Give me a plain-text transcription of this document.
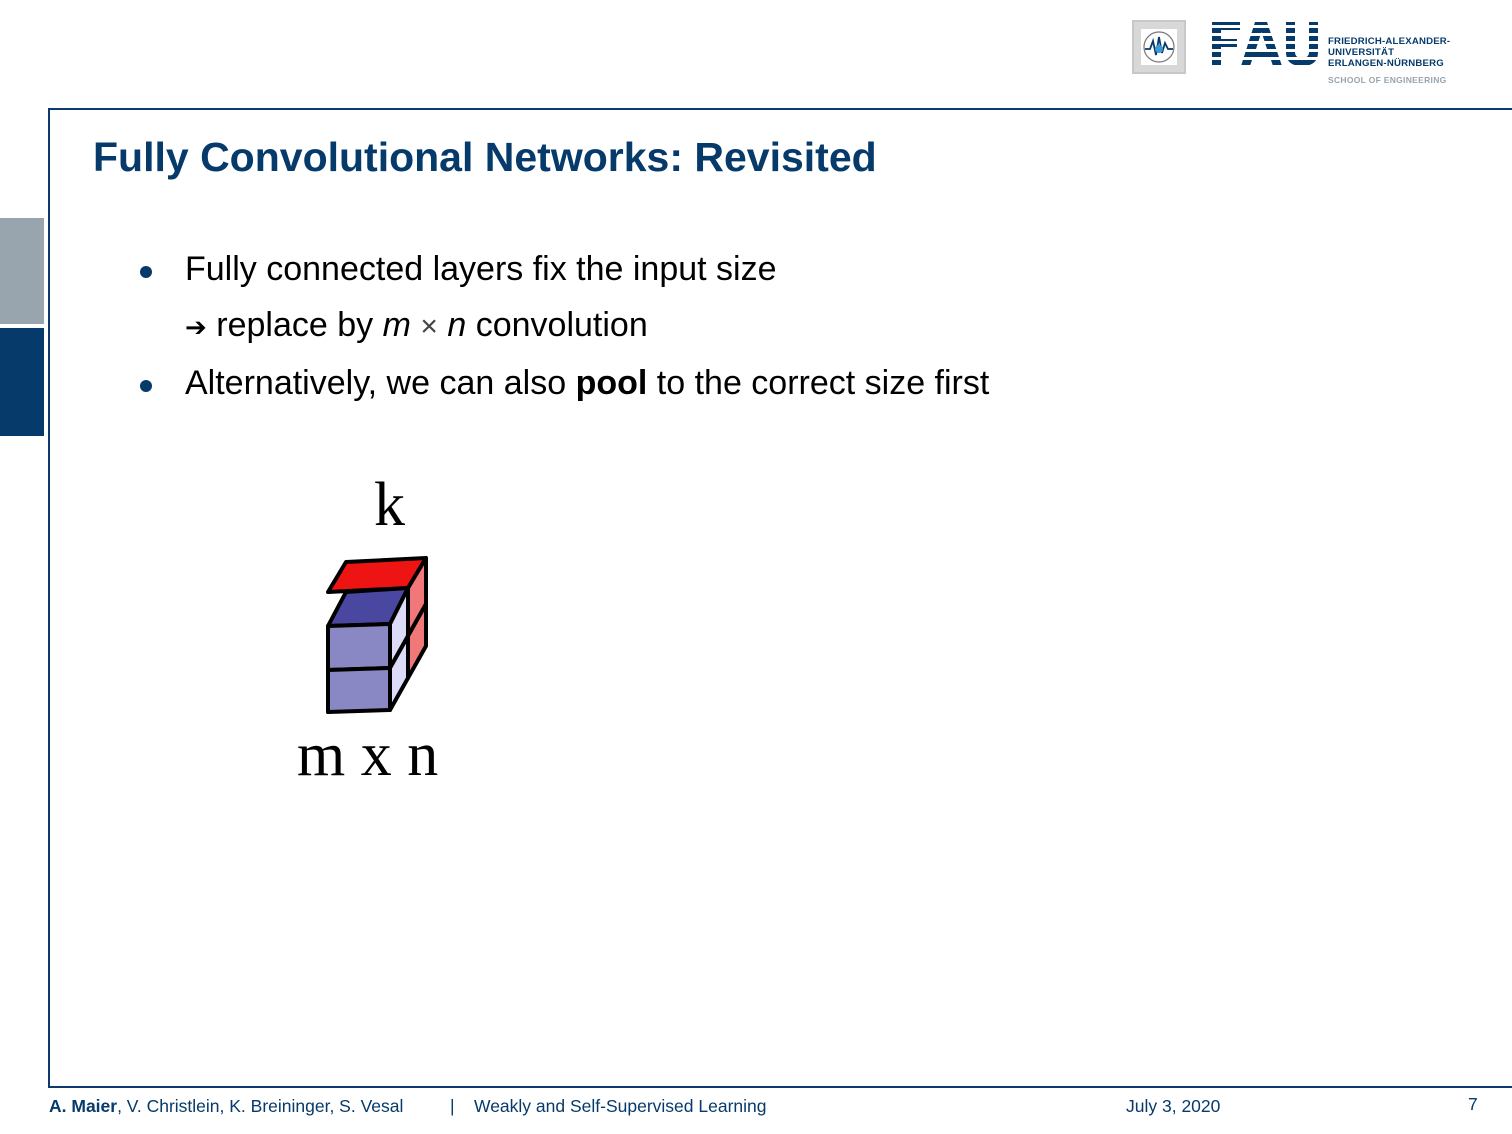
FRIEDRICH-ALEXANDER-
UNIVERSITÄT
ERLANGEN-NÜRNBERG
SCHOOL OF ENGINEERING
Fully Convolutional Networks: Revisited
Fully connected layers fix the input size
➔ replace by m × n convolution
Alternatively, we can also pool to the correct size first
k
m x n
A. Maier, V. Christlein, K. Breininger, S. Vesal	| Weakly and Self-Supervised Learning	July 3, 2020	7
